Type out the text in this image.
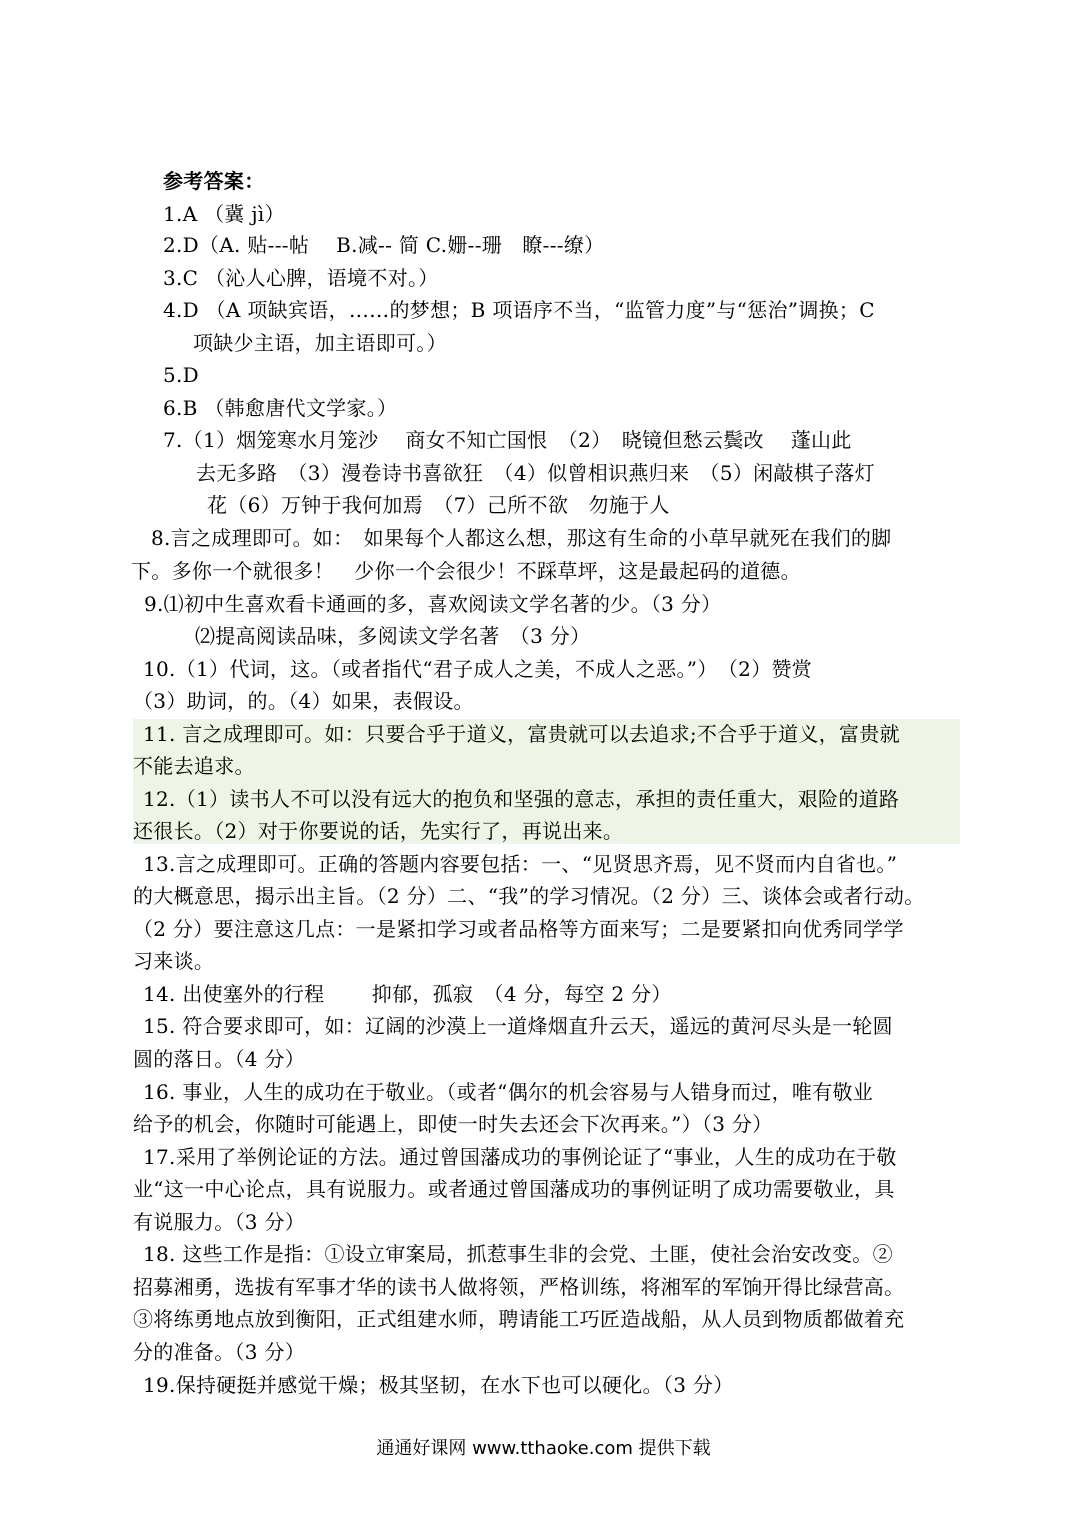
参考答案：
1.A （冀 jì）
2.D（A. 贴---帖　 B.减-- 简 C.姗--珊　瞭---缭）
3.C （沁人心脾，语境不对。）
4.D （A 项缺宾语，……的梦想；B 项语序不当，“监管力度”与“惩治”调换；C
项缺少主语，加主语即可。）
5.D
6.B （韩愈唐代文学家。）
7.（1）烟笼寒水月笼沙　 商女不知亡国恨　（2）　晓镜但愁云鬓改　 蓬山此
去无多路　（3）漫卷诗书喜欲狂　（4）似曾相识燕归来　（5）闲敲棋子落灯
花（6）万钟于我何加焉　（7）己所不欲　勿施于人
8.言之成理即可。如：　如果每个人都这么想，那这有生命的小草早就死在我们的脚
下。多你一个就很多！　少你一个会很少！不踩草坪，这是最起码的道德。
9.⑴初中生喜欢看卡通画的多，喜欢阅读文学名著的少。（3 分）
⑵提高阅读品味，多阅读文学名著　（3 分）
10.（1）代词，这。（或者指代“君子成人之美，不成人之恶。”）　（2）赞赏
（3）助词，的。（4）如果，表假设。
11. 言之成理即可。如：只要合乎于道义，富贵就可以去追求;不合乎于道义，富贵就
不能去追求。
12.（1）读书人不可以没有远大的抱负和坚强的意志，承担的责任重大，艰险的道路
还很长。（2）对于你要说的话，先实行了，再说出来。
13.言之成理即可。正确的答题内容要包括：一、“见贤思齐焉，见不贤而内自省也。”
的大概意思，揭示出主旨。（2 分）二、“我”的学习情况。（2 分）三、谈体会或者行动。
（2 分）要注意这几点：一是紧扣学习或者品格等方面来写；二是要紧扣向优秀同学学
习来谈。
14. 出使塞外的行程　　 抑郁，孤寂　（4 分，每空 2 分）
15. 符合要求即可，如：辽阔的沙漠上一道烽烟直升云天，遥远的黄河尽头是一轮圆
圆的落日。（4 分）
16. 事业，人生的成功在于敬业。（或者“偶尔的机会容易与人错身而过，唯有敬业
给予的机会，你随时可能遇上，即使一时失去还会下次再来。”）（3 分）
17.采用了举例论证的方法。通过曾国藩成功的事例论证了“事业，人生的成功在于敬
业“这一中心论点，具有说服力。或者通过曾国藩成功的事例证明了成功需要敬业，具
有说服力。（3 分）
18. 这些工作是指：①设立审案局，抓惹事生非的会党、土匪，使社会治安改变。②
招募湘勇，选拔有军事才华的读书人做将领，严格训练，将湘军的军饷开得比绿营高。
③将练勇地点放到衡阳，正式组建水师，聘请能工巧匠造战船，从人员到物质都做着充
分的准备。（3 分）
19.保持硬挺并感觉干燥；极其坚韧，在水下也可以硬化。（3 分）
通通好课网 www.tthaoke.com 提供下载
